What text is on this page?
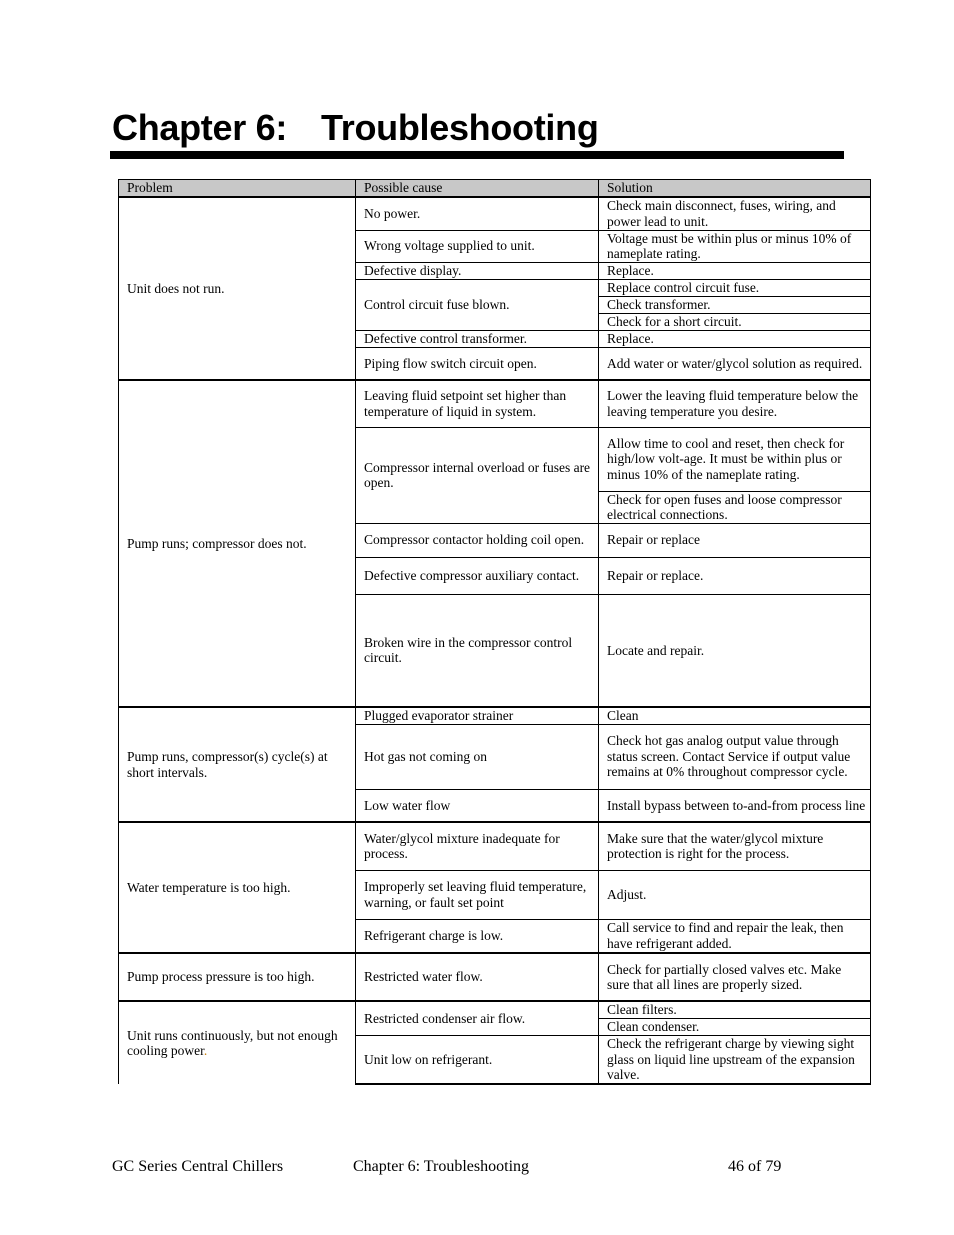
Chapter 6: Troubleshooting
Problem	Possible cause	Solution
Unit does not run.	No power.	Check main disconnect, fuses, wiring, and power lead to unit.
	Wrong voltage supplied to unit.	Voltage must be within plus or minus 10% of nameplate rating.
	Defective display.	Replace.
	Control circuit fuse blown.	Replace control circuit fuse.
		Check transformer.
		Check for a short circuit.
	Defective control transformer.	Replace.
	Piping flow switch circuit open.	Add water or water/glycol solution as required.
Pump runs; compressor does not.	Leaving fluid setpoint set higher than temperature of liquid in system.	Lower the leaving fluid temperature below the leaving temperature you desire.
	Compressor internal overload or fuses are open.	Allow time to cool and reset, then check for high/low volt-age. It must be within plus or minus 10% of the nameplate rating.
		Check for open fuses and loose compressor electrical connections.
	Compressor contactor holding coil open.	Repair or replace
	Defective compressor auxiliary contact.	Repair or replace.
	Broken wire in the compressor control circuit.	Locate and repair.
Pump runs, compressor(s) cycle(s) at short intervals.	Plugged evaporator strainer	Clean
	Hot gas not coming on	Check hot gas analog output value through status screen. Contact Service if output value remains at 0% throughout compressor cycle.
	Low water flow	Install bypass between to-and-from process line
Water temperature is too high.	Water/glycol mixture inadequate for process.	Make sure that the water/glycol mixture protection is right for the process.
	Improperly set leaving fluid temperature, warning, or fault set point	Adjust.
	Refrigerant charge is low.	Call service to find and repair the leak, then have refrigerant added.
Pump process pressure is too high.	Restricted water flow.	Check for partially closed valves etc. Make sure that all lines are properly sized.
Unit runs continuously, but not enough cooling power.	Restricted condenser air flow.	Clean filters.
		Clean condenser.
	Unit low on refrigerant.	Check the refrigerant charge by viewing sight glass on liquid line upstream of the expansion valve.
GC Series Central Chillers	Chapter 6: Troubleshooting	46 of 79
